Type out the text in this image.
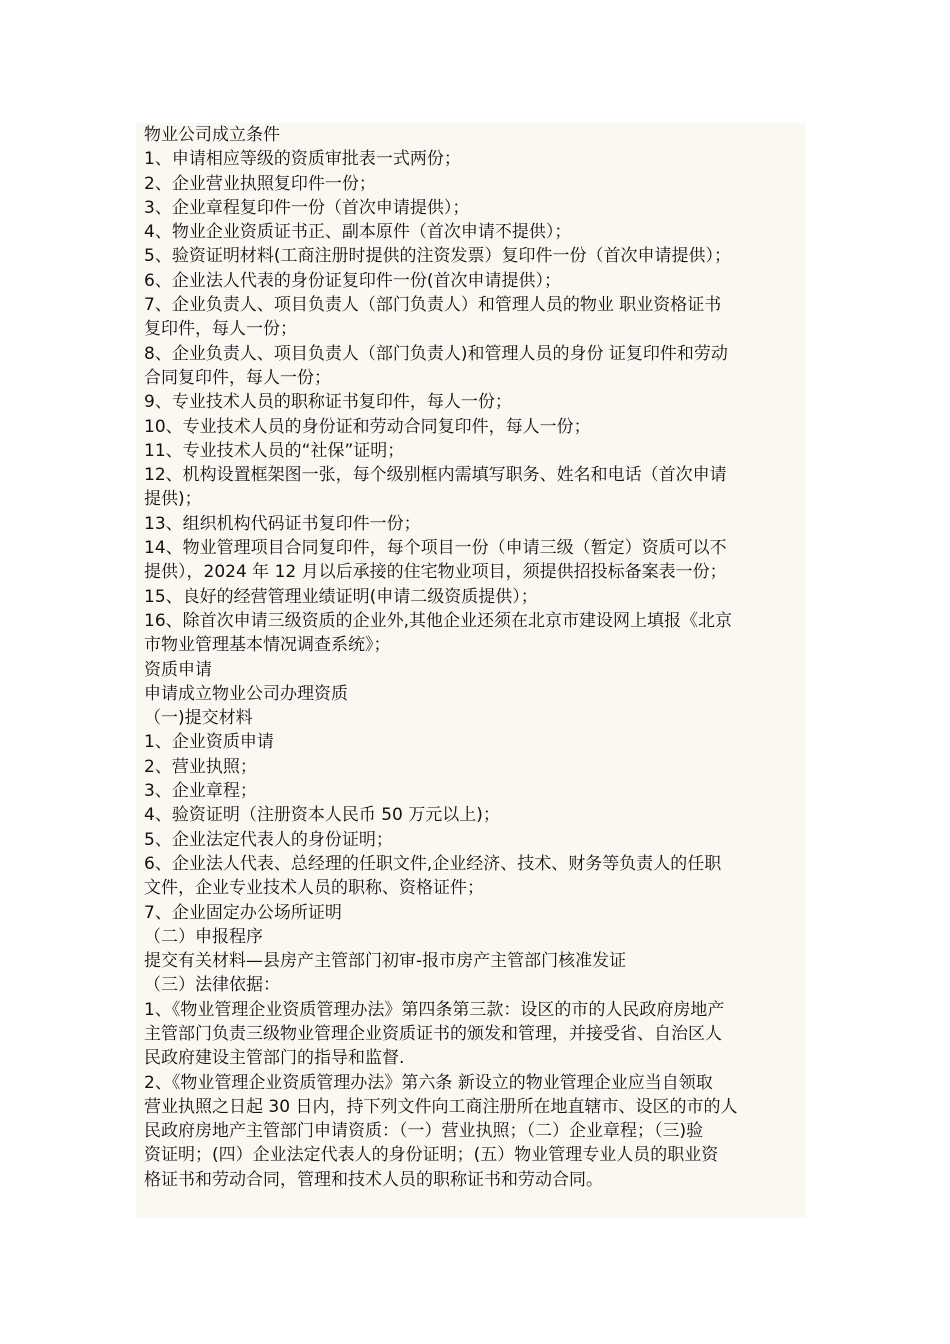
物业公司成立条件
1、申请相应等级的资质审批表一式两份；
2、企业营业执照复印件一份；
3、企业章程复印件一份（首次申请提供）；
4、物业企业资质证书正、副本原件（首次申请不提供）；
5、验资证明材料(工商注册时提供的注资发票）复印件一份（首次申请提供）；
6、企业法人代表的身份证复印件一份(首次申请提供）；
7、企业负责人、项目负责人（部门负责人）和管理人员的物业 职业资格证书
复印件，每人一份；
8、企业负责人、项目负责人（部门负责人)和管理人员的身份 证复印件和劳动
合同复印件，每人一份；
9、专业技术人员的职称证书复印件，每人一份；
10、专业技术人员的身份证和劳动合同复印件，每人一份；
11、专业技术人员的“社保”证明；
12、机构设置框架图一张，每个级别框内需填写职务、姓名和电话（首次申请
提供)；
13、组织机构代码证书复印件一份；
14、物业管理项目合同复印件，每个项目一份（申请三级（暂定）资质可以不
提供），2024 年 12 月以后承接的住宅物业项目，须提供招投标备案表一份；
15、良好的经营管理业绩证明(申请二级资质提供）；
16、除首次申请三级资质的企业外,其他企业还须在北京市建设网上填报《北京
市物业管理基本情况调查系统》；
资质申请
申请成立物业公司办理资质
（一)提交材料
1、企业资质申请
2、营业执照；
3、企业章程；
4、验资证明（注册资本人民币 50 万元以上)；
5、企业法定代表人的身份证明；
6、企业法人代表、总经理的任职文件,企业经济、技术、财务等负责人的任职
文件，企业专业技术人员的职称、资格证件；
7、企业固定办公场所证明
（二）申报程序
提交有关材料—县房产主管部门初审-报市房产主管部门核准发证
（三）法律依据：
1、《物业管理企业资质管理办法》第四条第三款：设区的市的人民政府房地产
主管部门负责三级物业管理企业资质证书的颁发和管理，并接受省、自治区人
民政府建设主管部门的指导和监督.
2、《物业管理企业资质管理办法》第六条 新设立的物业管理企业应当自领取
营业执照之日起 30 日内，持下列文件向工商注册所在地直辖市、设区的市的人
民政府房地产主管部门申请资质：（一）营业执照；（二）企业章程；（三)验
资证明；(四）企业法定代表人的身份证明；(五）物业管理专业人员的职业资
格证书和劳动合同，管理和技术人员的职称证书和劳动合同。
